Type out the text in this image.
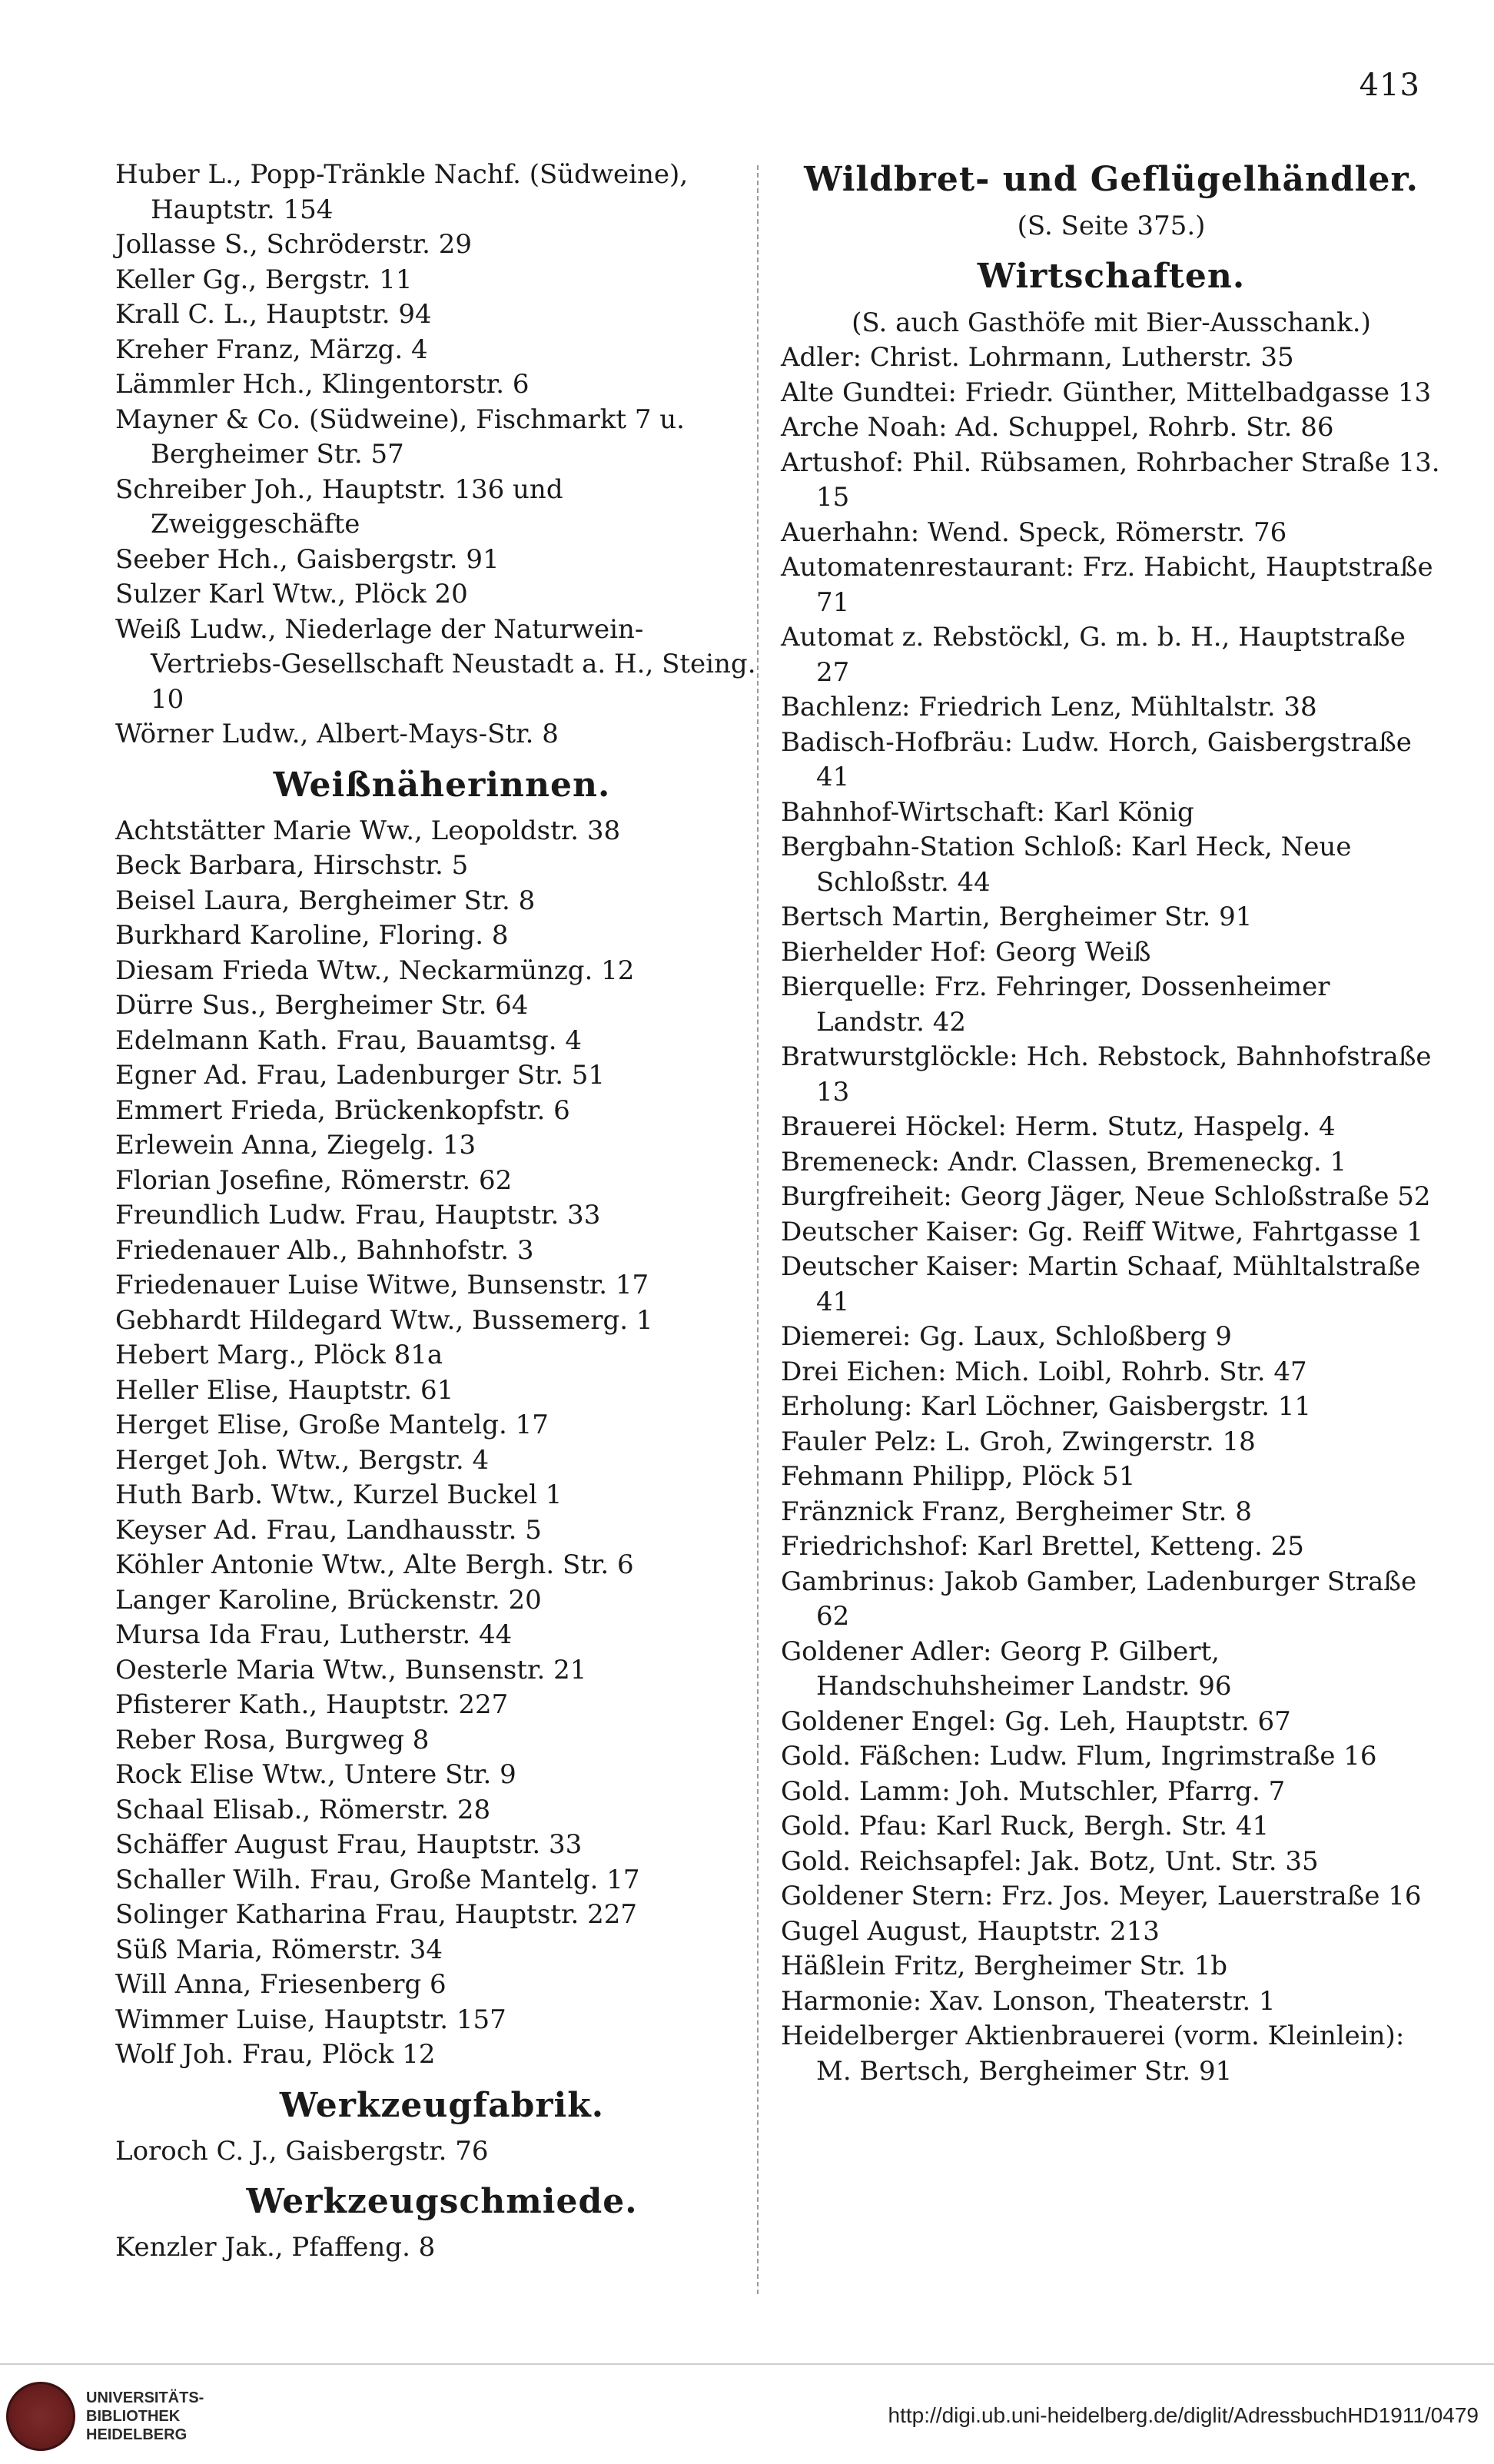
413
Huber L., Popp-Tränkle Nachf. (Südweine), Hauptstr. 154
Jollasse S., Schröderstr. 29
Keller Gg., Bergstr. 11
Krall C. L., Hauptstr. 94
Kreher Franz, Märzg. 4
Lämmler Hch., Klingentorstr. 6
Mayner & Co. (Südweine), Fischmarkt 7 u. Bergheimer Str. 57
Schreiber Joh., Hauptstr. 136 und Zweiggeschäfte
Seeber Hch., Gaisbergstr. 91
Sulzer Karl Wtw., Plöck 20
Weiß Ludw., Niederlage der Naturwein-Vertriebs-Gesellschaft Neustadt a. H., Steing. 10
Wörner Ludw., Albert-Mays-Str. 8
Weißnäherinnen.
Achtstätter Marie Ww., Leopoldstr. 38
Beck Barbara, Hirschstr. 5
Beisel Laura, Bergheimer Str. 8
Burkhard Karoline, Floring. 8
Diesam Frieda Wtw., Neckarmünzg. 12
Dürre Sus., Bergheimer Str. 64
Edelmann Kath. Frau, Bauamtsg. 4
Egner Ad. Frau, Ladenburger Str. 51
Emmert Frieda, Brückenkopfstr. 6
Erlewein Anna, Ziegelg. 13
Florian Josefine, Römerstr. 62
Freundlich Ludw. Frau, Hauptstr. 33
Friedenauer Alb., Bahnhofstr. 3
Friedenauer Luise Witwe, Bunsenstr. 17
Gebhardt Hildegard Wtw., Bussemerg. 1
Hebert Marg., Plöck 81a
Heller Elise, Hauptstr. 61
Herget Elise, Große Mantelg. 17
Herget Joh. Wtw., Bergstr. 4
Huth Barb. Wtw., Kurzel Buckel 1
Keyser Ad. Frau, Landhausstr. 5
Köhler Antonie Wtw., Alte Bergh. Str. 6
Langer Karoline, Brückenstr. 20
Mursa Ida Frau, Lutherstr. 44
Oesterle Maria Wtw., Bunsenstr. 21
Pfisterer Kath., Hauptstr. 227
Reber Rosa, Burgweg 8
Rock Elise Wtw., Untere Str. 9
Schaal Elisab., Römerstr. 28
Schäffer August Frau, Hauptstr. 33
Schaller Wilh. Frau, Große Mantelg. 17
Solinger Katharina Frau, Hauptstr. 227
Süß Maria, Römerstr. 34
Will Anna, Friesenberg 6
Wimmer Luise, Hauptstr. 157
Wolf Joh. Frau, Plöck 12
Werkzeugfabrik.
Loroch C. J., Gaisbergstr. 76
Werkzeugschmiede.
Kenzler Jak., Pfaffeng. 8
Wildbret- und Geflügelhändler.
(S. Seite 375.)
Wirtschaften.
(S. auch Gasthöfe mit Bier-Ausschank.)
Adler: Christ. Lohrmann, Lutherstr. 35
Alte Gundtei: Friedr. Günther, Mittelbadgasse 13
Arche Noah: Ad. Schuppel, Rohrb. Str. 86
Artushof: Phil. Rübsamen, Rohrbacher Straße 13. 15
Auerhahn: Wend. Speck, Römerstr. 76
Automatenrestaurant: Frz. Habicht, Hauptstraße 71
Automat z. Rebstöckl, G. m. b. H., Hauptstraße 27
Bachlenz: Friedrich Lenz, Mühltalstr. 38
Badisch-Hofbräu: Ludw. Horch, Gaisbergstraße 41
Bahnhof-Wirtschaft: Karl König
Bergbahn-Station Schloß: Karl Heck, Neue Schloßstr. 44
Bertsch Martin, Bergheimer Str. 91
Bierhelder Hof: Georg Weiß
Bierquelle: Frz. Fehringer, Dossenheimer Landstr. 42
Bratwurstglöckle: Hch. Rebstock, Bahnhofstraße 13
Brauerei Höckel: Herm. Stutz, Haspelg. 4
Bremeneck: Andr. Classen, Bremeneckg. 1
Burgfreiheit: Georg Jäger, Neue Schloßstraße 52
Deutscher Kaiser: Gg. Reiff Witwe, Fahrtgasse 1
Deutscher Kaiser: Martin Schaaf, Mühltalstraße 41
Diemerei: Gg. Laux, Schloßberg 9
Drei Eichen: Mich. Loibl, Rohrb. Str. 47
Erholung: Karl Löchner, Gaisbergstr. 11
Fauler Pelz: L. Groh, Zwingerstr. 18
Fehmann Philipp, Plöck 51
Fränznick Franz, Bergheimer Str. 8
Friedrichshof: Karl Brettel, Ketteng. 25
Gambrinus: Jakob Gamber, Ladenburger Straße 62
Goldener Adler: Georg P. Gilbert, Handschuhsheimer Landstr. 96
Goldener Engel: Gg. Leh, Hauptstr. 67
Gold. Fäßchen: Ludw. Flum, Ingrimstraße 16
Gold. Lamm: Joh. Mutschler, Pfarrg. 7
Gold. Pfau: Karl Ruck, Bergh. Str. 41
Gold. Reichsapfel: Jak. Botz, Unt. Str. 35
Goldener Stern: Frz. Jos. Meyer, Lauerstraße 16
Gugel August, Hauptstr. 213
Häßlein Fritz, Bergheimer Str. 1b
Harmonie: Xav. Lonson, Theaterstr. 1
Heidelberger Aktienbrauerei (vorm. Kleinlein): M. Bertsch, Bergheimer Str. 91
UNIVERSITÄTS-
BIBLIOTHEK
HEIDELBERG
http://digi.ub.uni-heidelberg.de/diglit/AdressbuchHD1911/0479
